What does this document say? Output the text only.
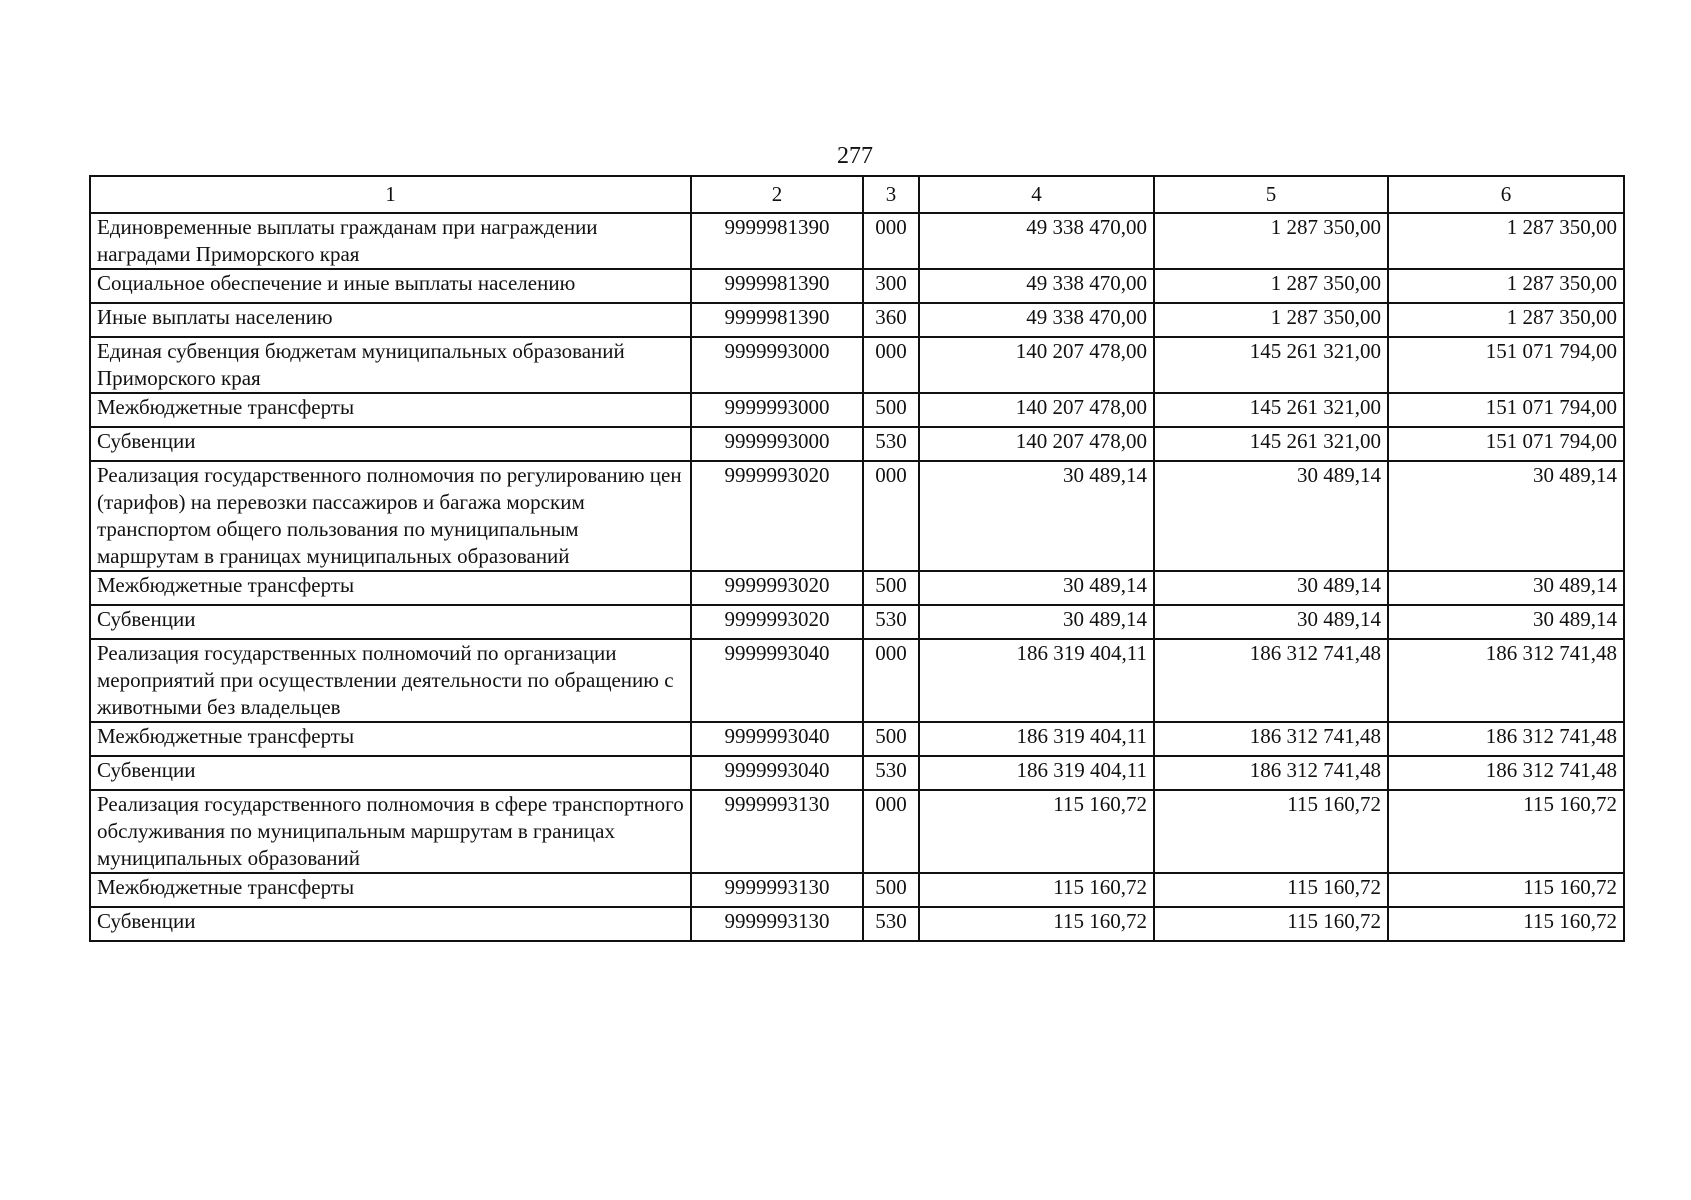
277
1	2	3	4	5	6
Единовременные выплаты гражданам при награждении наградами Приморского края	9999981390	000	49 338 470,00	1 287 350,00	1 287 350,00
Социальное обеспечение и иные выплаты населению	9999981390	300	49 338 470,00	1 287 350,00	1 287 350,00
Иные выплаты населению	9999981390	360	49 338 470,00	1 287 350,00	1 287 350,00
Единая субвенция бюджетам муниципальных образований Приморского края	9999993000	000	140 207 478,00	145 261 321,00	151 071 794,00
Межбюджетные трансферты	9999993000	500	140 207 478,00	145 261 321,00	151 071 794,00
Субвенции	9999993000	530	140 207 478,00	145 261 321,00	151 071 794,00
Реализация государственного полномочия по регулированию цен (тарифов) на перевозки пассажиров и багажа морским транспортом общего пользования по муниципальным маршрутам в границах муниципальных образований	9999993020	000	30 489,14	30 489,14	30 489,14
Межбюджетные трансферты	9999993020	500	30 489,14	30 489,14	30 489,14
Субвенции	9999993020	530	30 489,14	30 489,14	30 489,14
Реализация государственных полномочий по организации мероприятий при осуществлении деятельности по обращению с животными без владельцев	9999993040	000	186 319 404,11	186 312 741,48	186 312 741,48
Межбюджетные трансферты	9999993040	500	186 319 404,11	186 312 741,48	186 312 741,48
Субвенции	9999993040	530	186 319 404,11	186 312 741,48	186 312 741,48
Реализация государственного полномочия в сфере транспортного обслуживания по муниципальным маршрутам в границах муниципальных образований	9999993130	000	115 160,72	115 160,72	115 160,72
Межбюджетные трансферты	9999993130	500	115 160,72	115 160,72	115 160,72
Субвенции	9999993130	530	115 160,72	115 160,72	115 160,72
